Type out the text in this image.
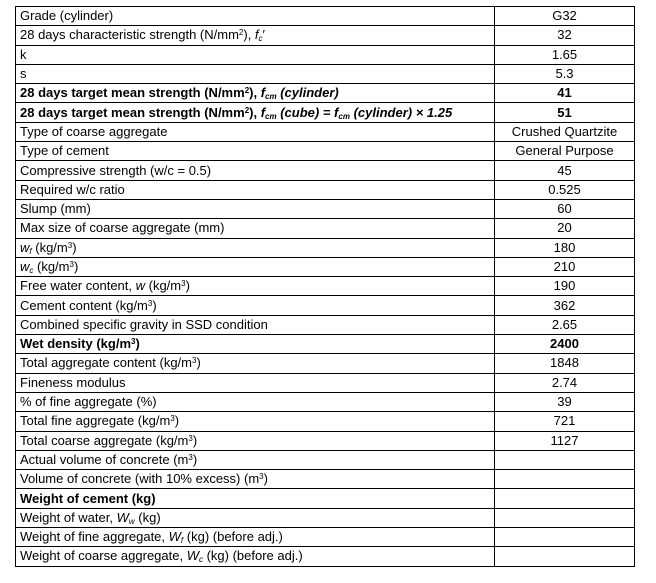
Grade (cylinder)	G32
28 days characteristic strength $(N/mm^2)$, $f_c'$	32
k	1.65
s	5.3
28 days target mean strength $(N/mm^2)$, $f_{cm}$ (cylinder)	41
28 days target mean strength $(N/mm^2)$, $f_{cm}$ (cube) = $f_{cm}$ (cylinder) × 1.25	51
Type of coarse aggregate	Crushed Quartzite
Type of cement	General Purpose
Compressive strength (w/c = 0.5)	45
Required w/c ratio	0.525
Slump (mm)	60
Max size of coarse aggregate (mm)	20
$w_f$ $(kg/m^3)$	180
$w_c$ $(kg/m^3)$	210
Free water content, w $(kg/m^3)$	190
Cement content $(kg/m^3)$	362
Combined specific gravity in SSD condition	2.65
Wet density $(kg/m^3)$	2400
Total aggregate content $(kg/m^3)$	1848
Fineness modulus	2.74
% of fine aggregate (%)	39
Total fine aggregate $(kg/m^3)$	721
Total coarse aggregate $(kg/m^3)$	1127
Actual volume of concrete $(m^3)$	
Volume of concrete (with 10% excess) $(m^3)$	
Weight of cement (kg)	
Weight of water, $W_w$ (kg)	
Weight of fine aggregate, $W_f$ (kg) (before adj.)	
Weight of coarse aggregate, $W_c$ (kg) (before adj.)	
